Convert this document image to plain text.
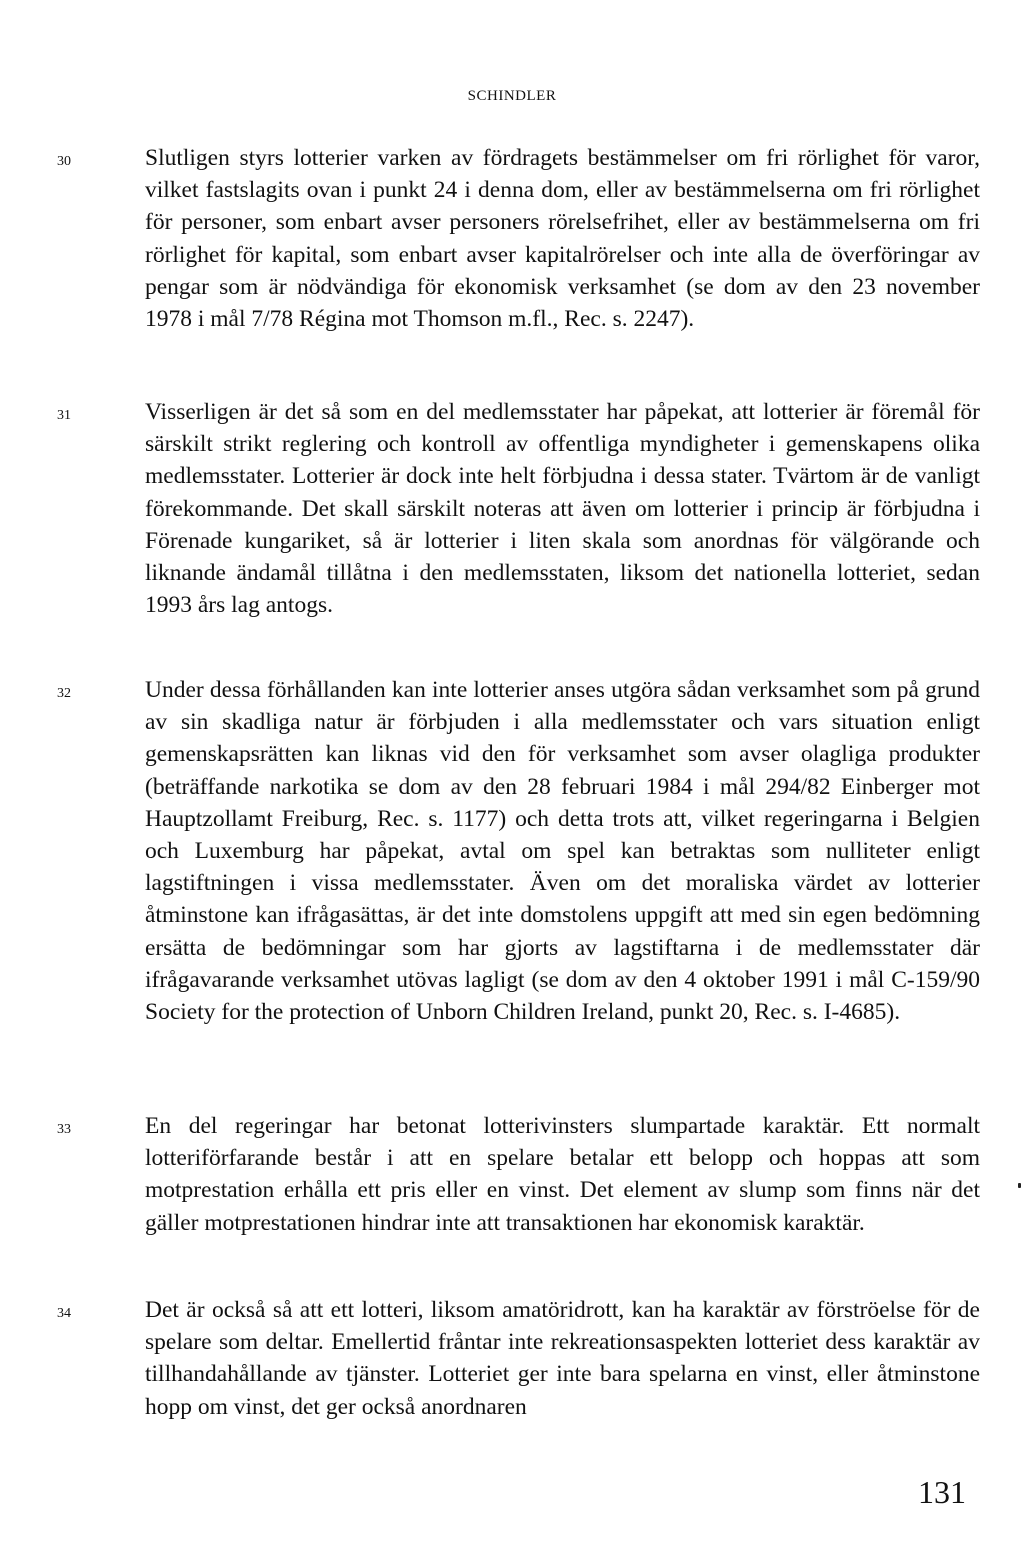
SCHINDLER
30	Slutligen styrs lotterier varken av fördragets bestämmelser om fri rörlighet för varor, vilket fastslagits ovan i punkt 24 i denna dom, eller av bestämmelserna om fri rörlighet för personer, som enbart avser personers rörelsefrihet, eller av bestämmelserna om fri rörlighet för kapital, som enbart avser kapitalrörelser och inte alla de överföringar av pengar som är nödvändiga för ekonomisk verksamhet (se dom av den 23 november 1978 i mål 7/78 Régina mot Thomson m.fl., Rec. s. 2247).
31	Visserligen är det så som en del medlemsstater har påpekat, att lotterier är föremål för särskilt strikt reglering och kontroll av offentliga myndigheter i gemenskapens olika medlemsstater. Lotterier är dock inte helt förbjudna i dessa stater. Tvärtom är de vanligt förekommande. Det skall särskilt noteras att även om lotterier i princip är förbjudna i Förenade kungariket, så är lotterier i liten skala som anordnas för välgörande och liknande ändamål tillåtna i den medlemsstaten, liksom det nationella lotteriet, sedan 1993 års lag antogs.
32	Under dessa förhållanden kan inte lotterier anses utgöra sådan verksamhet som på grund av sin skadliga natur är förbjuden i alla medlemsstater och vars situation enligt gemenskapsrätten kan liknas vid den för verksamhet som avser olagliga produkter (beträffande narkotika se dom av den 28 februari 1984 i mål 294/82 Einberger mot Hauptzollamt Freiburg, Rec. s. 1177) och detta trots att, vilket regeringarna i Belgien och Luxemburg har påpekat, avtal om spel kan betraktas som nulliteter enligt lagstiftningen i vissa medlemsstater. Även om det moraliska värdet av lotterier åtminstone kan ifrågasättas, är det inte domstolens uppgift att med sin egen bedömning ersätta de bedömningar som har gjorts av lagstiftarna i de medlemsstater där ifrågavarande verksamhet utövas lagligt (se dom av den 4 oktober 1991 i mål C-159/90 Society for the protection of Unborn Children Ireland, punkt 20, Rec. s. I-4685).
33	En del regeringar har betonat lotterivinsters slumpartade karaktär. Ett normalt lotteriförfarande består i att en spelare betalar ett belopp och hoppas att som motprestation erhålla ett pris eller en vinst. Det element av slump som finns när det gäller motprestationen hindrar inte att transaktionen har ekonomisk karaktär.
34	Det är också så att ett lotteri, liksom amatöridrott, kan ha karaktär av förströelse för de spelare som deltar. Emellertid fråntar inte rekreationsaspekten lotteriet dess karaktär av tillhandahållande av tjänster. Lotteriet ger inte bara spelarna en vinst, eller åtminstone hopp om vinst, det ger också anordnaren
131
